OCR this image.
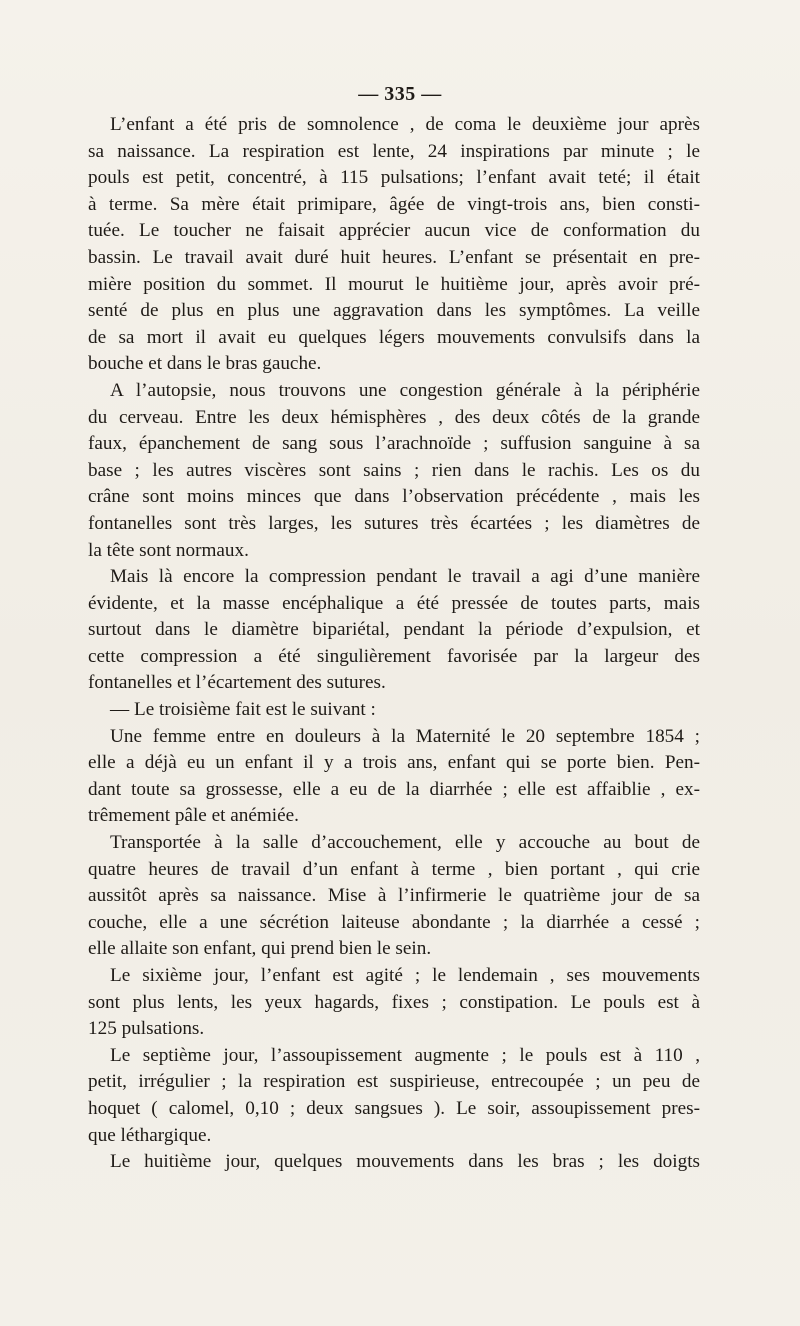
— 335 —
L’enfant a été pris de somnolence , de coma le deuxième jour après
sa naissance. La respiration est lente, 24 inspirations par minute ; le
pouls est petit, concentré, à 115 pulsations; l’enfant avait teté; il était
à terme. Sa mère était primipare, âgée de vingt-trois ans, bien consti-
tuée. Le toucher ne faisait apprécier aucun vice de conformation du
bassin. Le travail avait duré huit heures. L’enfant se présentait en pre-
mière position du sommet. Il mourut le huitième jour, après avoir pré-
senté de plus en plus une aggravation dans les symptômes. La veille
de sa mort il avait eu quelques légers mouvements convulsifs dans la
bouche et dans le bras gauche.
A l’autopsie, nous trouvons une congestion générale à la périphérie
du cerveau. Entre les deux hémisphères , des deux côtés de la grande
faux, épanchement de sang sous l’arachnoïde ; suffusion sanguine à sa
base ; les autres viscères sont sains ; rien dans le rachis. Les os du
crâne sont moins minces que dans l’observation précédente , mais les
fontanelles sont très larges, les sutures très écartées ; les diamètres de
la tête sont normaux.
Mais là encore la compression pendant le travail a agi d’une manière
évidente, et la masse encéphalique a été pressée de toutes parts, mais
surtout dans le diamètre bipariétal, pendant la période d’expulsion, et
cette compression a été singulièrement favorisée par la largeur des
fontanelles et l’écartement des sutures.
— Le troisième fait est le suivant :
Une femme entre en douleurs à la Maternité le 20 septembre 1854 ;
elle a déjà eu un enfant il y a trois ans, enfant qui se porte bien. Pen-
dant toute sa grossesse, elle a eu de la diarrhée ; elle est affaiblie , ex-
trêmement pâle et anémiée.
Transportée à la salle d’accouchement, elle y accouche au bout de
quatre heures de travail d’un enfant à terme , bien portant , qui crie
aussitôt après sa naissance. Mise à l’infirmerie le quatrième jour de sa
couche, elle a une sécrétion laiteuse abondante ; la diarrhée a cessé ;
elle allaite son enfant, qui prend bien le sein.
Le sixième jour, l’enfant est agité ; le lendemain , ses mouvements
sont plus lents, les yeux hagards, fixes ; constipation. Le pouls est à
125 pulsations.
Le septième jour, l’assoupissement augmente ; le pouls est à 110 ,
petit, irrégulier ; la respiration est suspirieuse, entrecoupée ; un peu de
hoquet ( calomel, 0,10 ; deux sangsues ). Le soir, assoupissement pres-
que léthargique.
Le huitième jour, quelques mouvements dans les bras ; les doigts
